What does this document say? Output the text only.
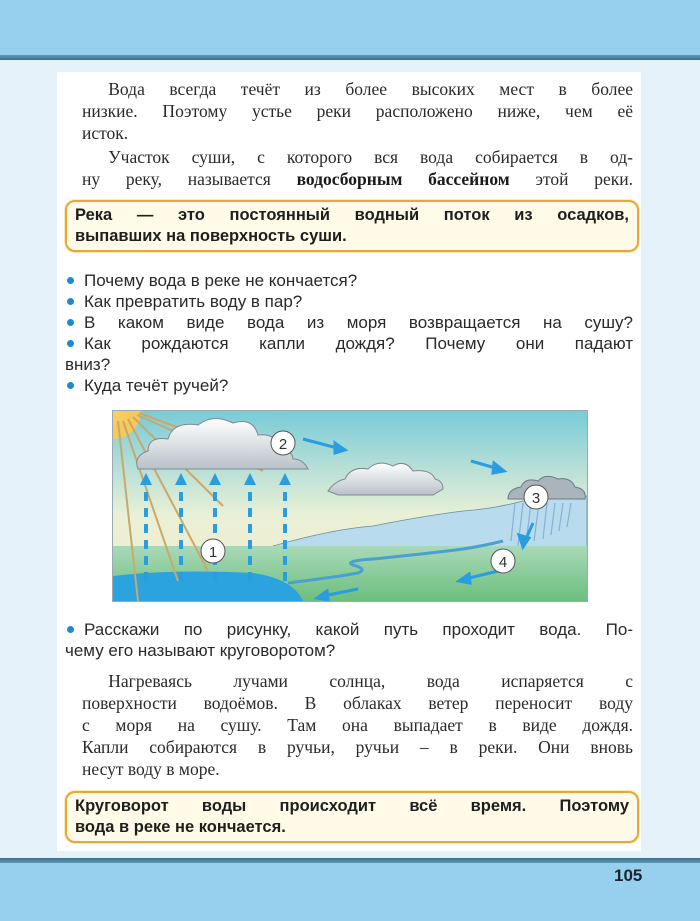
Вода всегда течёт из более высоких мест в более
низкие. Поэтому устье реки расположено ниже, чем её
исток.
Участок суши, с которого вся вода собирается в од-
ну реку, называется водосборным бассейном этой реки.
Река — это постоянный водный поток из осадков,
выпавших на поверхность суши.
Почему вода в реке не кончается?
Как превратить воду в пар?
В каком виде вода из моря возвращается на сушу?
Как рождаются капли дождя? Почему они падают
вниз?
Куда течёт ручей?
1
2
3
4
Расскажи по рисунку, какой путь проходит вода. По-
чему его называют круговоротом?
Нагреваясь лучами солнца, вода испаряется с
поверхности водоёмов. В облаках ветер переносит воду
с моря на сушу. Там она выпадает в виде дождя.
Капли собираются в ручьи, ручьи – в реки. Они вновь
несут воду в море.
Круговорот воды происходит всё время. Поэтому
вода в реке не кончается.
105
